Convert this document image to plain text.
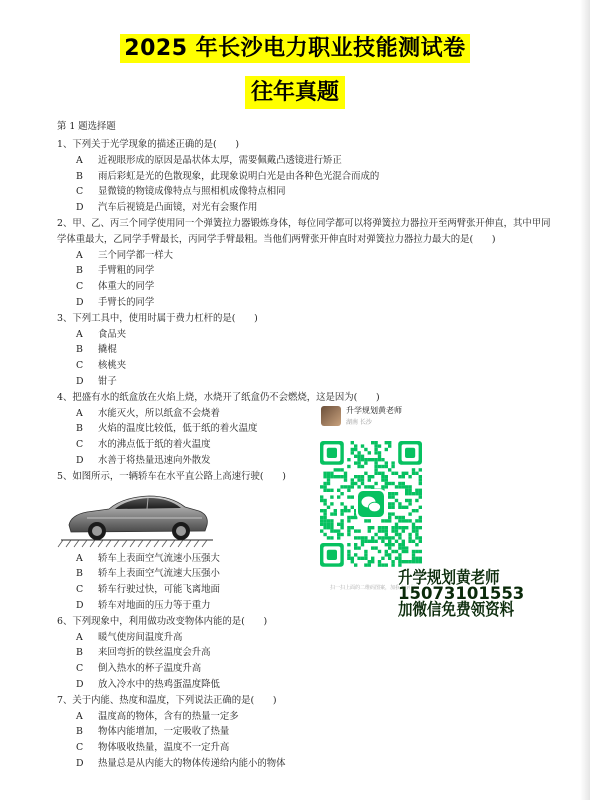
2025 年长沙电力职业技能测试卷
往年真题
第 1 题选择题
1、下列关于光学现象的描述正确的是(　　)
A 近视眼形成的原因是晶状体太厚，需要佩戴凸透镜进行矫正
B 雨后彩虹是光的色散现象，此现象说明白光是由各种色光混合而成的
C 显微镜的物镜成像特点与照相机成像特点相同
D 汽车后视镜是凸面镜，对光有会聚作用
2、甲、乙、丙三个同学使用同一个弹簧拉力器锻炼身体，每位同学都可以将弹簧拉力器拉开至两臂张开伸直，其中甲同学体重最大，乙同学手臂最长，丙同学手臂最粗。当他们两臂张开伸直时对弹簧拉力器拉力最大的是(　　)
A 三个同学都一样大
B 手臂粗的同学
C 体重大的同学
D 手臂长的同学
3、下列工具中，使用时属于费力杠杆的是(　　)
A 食品夹
B 撬棍
C 核桃夹
D 钳子
4、把盛有水的纸盒放在火焰上烧，水烧开了纸盒仍不会燃烧，这是因为(　　)
A 水能灭火，所以纸盒不会烧着
B 火焰的温度比较低，低于纸的着火温度
C 水的沸点低于纸的着火温度
D 水善于将热量迅速向外散发
5、如图所示，一辆轿车在水平直公路上高速行驶(　　)
A 轿车上表面空气流速小压强大
B 轿车上表面空气流速大压强小
C 轿车行驶过快，可能飞离地面
D 轿车对地面的压力等于重力
6、下列现象中，利用做功改变物体内能的是(　　)
A 暖气使房间温度升高
B 来回弯折的铁丝温度会升高
C 倒入热水的杯子温度升高
D 放入冷水中的热鸡蛋温度降低
7、关于内能、热度和温度，下列说法正确的是(　　)
A 温度高的物体，含有的热量一定多
B 物体内能增加，一定吸收了热量
C 物体吸收热量，温度不一定升高
D 热量总是从内能大的物体传递给内能小的物体
升学规划黄老师
湖南 长沙
扫一扫上面的二维码图案，加我为朋友。
升学规划黄老师
15073101553
加微信免费领资料
